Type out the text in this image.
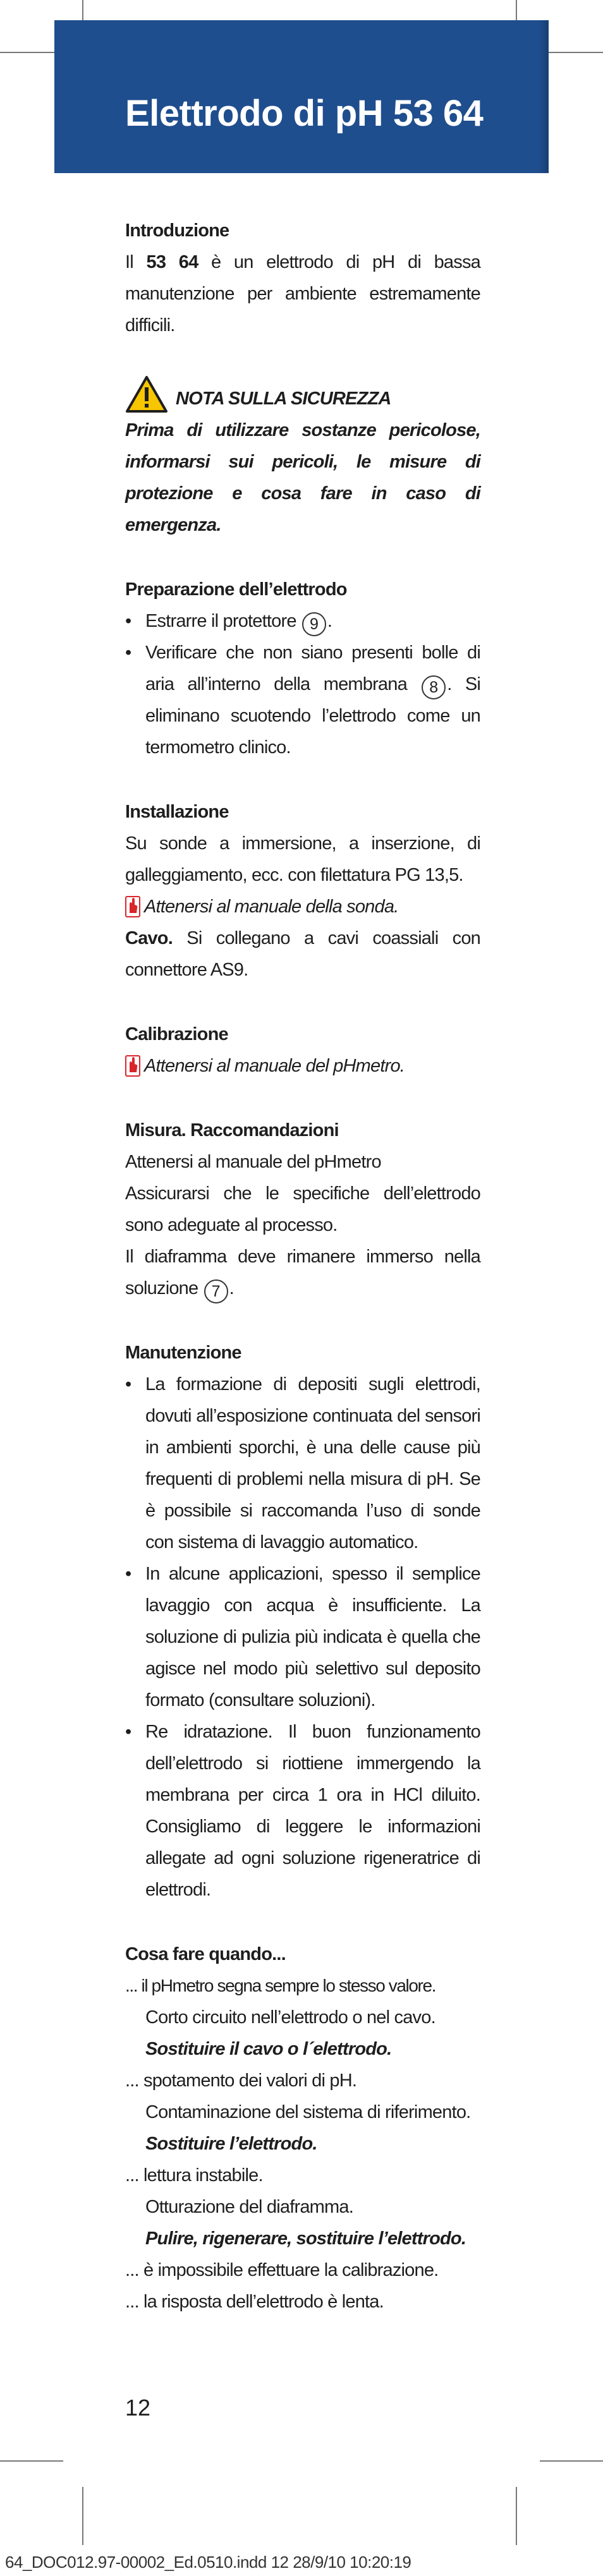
Elettrodo di pH 53 64

Introduzione

Il 53 64 è un elettrodo di pH di bassa manutenzione per ambiente estremamente difficili.

NOTA SULLA SICUREZZA

Prima di utilizzare sostanze pericolose, informarsi sui pericoli, le misure di protezione e cosa fare in caso di emergenza.

Preparazione dell’elettrodo

• Estrarre il protettore 9 .
• Verificare che non siano presenti bolle di aria all’interno della membrana 8 . Si eliminano scuotendo l’elettrodo come un termometro clinico.

Installazione

Su sonde a immersione, a inserzione, di galleggiamento, ecc. con filettatura PG 13,5.

Attenersi al manuale della sonda.

Cavo. Si collegano a cavi coassiali con connettore AS9.

Calibrazione

Attenersi al manuale del pHmetro.

Misura. Raccomandazioni

Attenersi al manuale del pHmetro

Assicurarsi che le specifiche dell’elettrodo sono adeguate al processo.

Il diaframma deve rimanere immerso nella soluzione 7 .

Manutenzione

• La formazione di depositi sugli elettrodi, dovuti all’esposizione continuata del sensori in ambienti sporchi, è una delle cause più frequenti di problemi nella misura di pH. Se è possibile si raccomanda l’uso di sonde con sistema di lavaggio automatico.
• In alcune applicazioni, spesso il semplice lavaggio con acqua è insufficiente. La soluzione di pulizia più indicata è quella che agisce nel modo più selettivo sul deposito formato (consultare soluzioni).
• Re idratazione. Il buon funzionamento dell’elettrodo si riottiene immergendo la membrana per circa 1 ora in HCl diluito. Consigliamo di leggere le informazioni allegate ad ogni soluzione rigeneratrice di elettrodi.

Cosa fare quando...

... il pHmetro segna sempre lo stesso valore.

Corto circuito nell’elettrodo o nel cavo.

Sostituire il cavo o l´elettrodo.

... spotamento dei valori di pH.

Contaminazione del sistema di riferimento.

Sostituire l’elettrodo.

... lettura instabile.

Otturazione del diaframma.

Pulire, rigenerare, sostituire l’elettrodo.

... è impossibile effettuare la calibrazione.

... la risposta dell’elettrodo è lenta.

12
64_DOC012.97-00002_Ed.0510.indd 12 28/9/10 10:20:19
